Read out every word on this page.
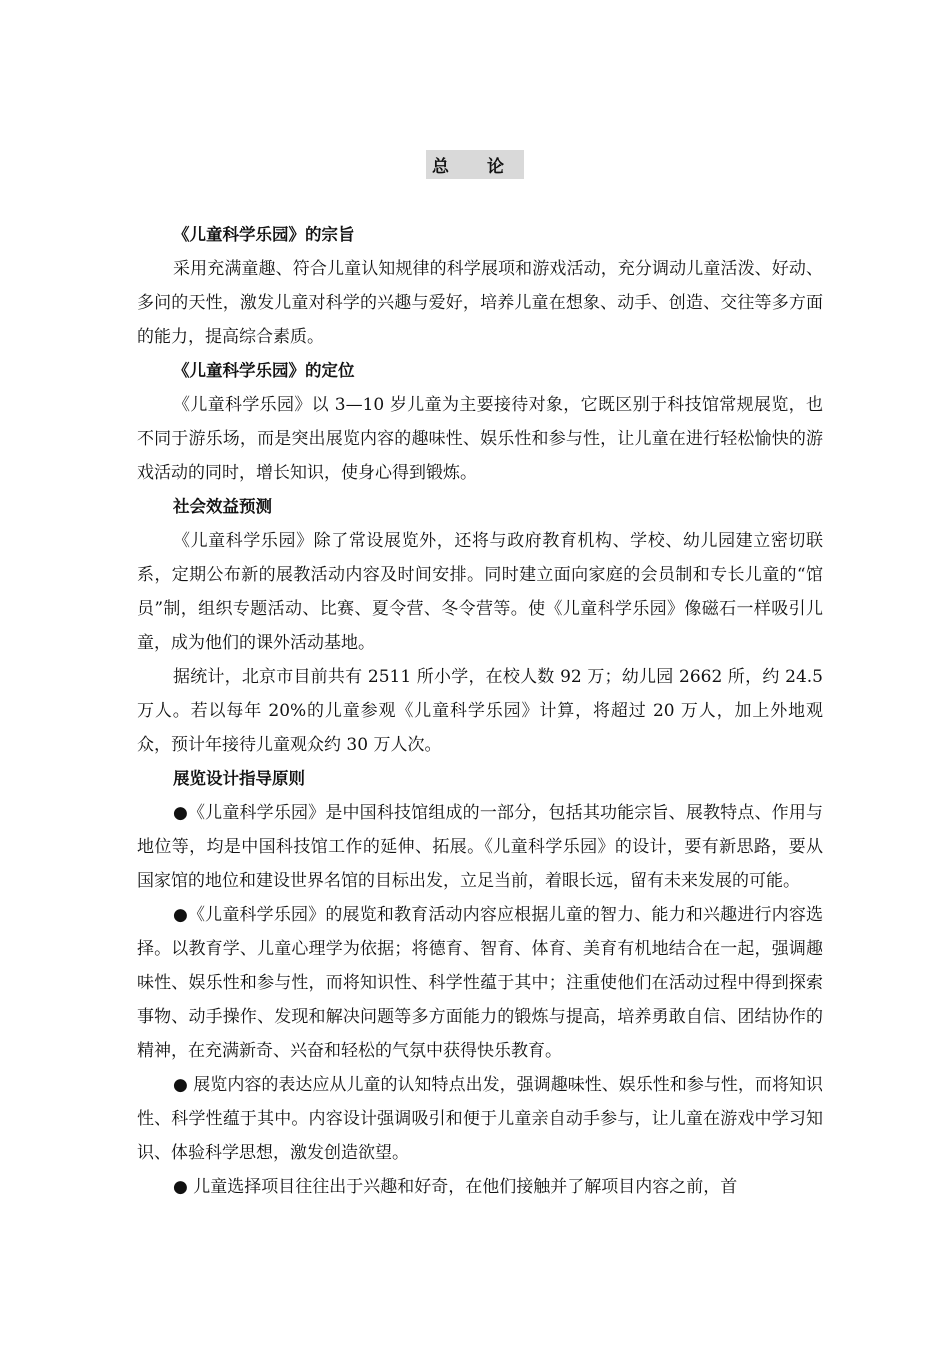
总 论

《儿童科学乐园》的宗旨

采用充满童趣、符合儿童认知规律的科学展项和游戏活动，充分调动儿童活泼、好动、多问的天性，激发儿童对科学的兴趣与爱好，培养儿童在想象、动手、创造、交往等多方面的能力，提高综合素质。

《儿童科学乐园》的定位

《儿童科学乐园》以 3—10 岁儿童为主要接待对象，它既区别于科技馆常规展览，也不同于游乐场，而是突出展览内容的趣味性、娱乐性和参与性，让儿童在进行轻松愉快的游戏活动的同时，增长知识，使身心得到锻炼。

社会效益预测

《儿童科学乐园》除了常设展览外，还将与政府教育机构、学校、幼儿园建立密切联系，定期公布新的展教活动内容及时间安排。同时建立面向家庭的会员制和专长儿童的“馆员”制，组织专题活动、比赛、夏令营、冬令营等。使《儿童科学乐园》像磁石一样吸引儿童，成为他们的课外活动基地。

据统计，北京市目前共有 2511 所小学，在校人数 92 万；幼儿园 2662 所，约 24.5 万人。若以每年 20%的儿童参观《儿童科学乐园》计算，将超过 20 万人，加上外地观众，预计年接待儿童观众约 30 万人次。

展览设计指导原则

●《儿童科学乐园》是中国科技馆组成的一部分，包括其功能宗旨、展教特点、作用与地位等，均是中国科技馆工作的延伸、拓展。《儿童科学乐园》的设计，要有新思路，要从国家馆的地位和建设世界名馆的目标出发，立足当前，着眼长远，留有未来发展的可能。

●《儿童科学乐园》的展览和教育活动内容应根据儿童的智力、能力和兴趣进行内容选择。以教育学、儿童心理学为依据；将德育、智育、体育、美育有机地结合在一起，强调趣味性、娱乐性和参与性，而将知识性、科学性蕴于其中；注重使他们在活动过程中得到探索事物、动手操作、发现和解决问题等多方面能力的锻炼与提高，培养勇敢自信、团结协作的精神，在充满新奇、兴奋和轻松的气氛中获得快乐教育。

● 展览内容的表达应从儿童的认知特点出发，强调趣味性、娱乐性和参与性，而将知识性、科学性蕴于其中。内容设计强调吸引和便于儿童亲自动手参与，让儿童在游戏中学习知识、体验科学思想，激发创造欲望。

● 儿童选择项目往往出于兴趣和好奇，在他们接触并了解项目内容之前，首
